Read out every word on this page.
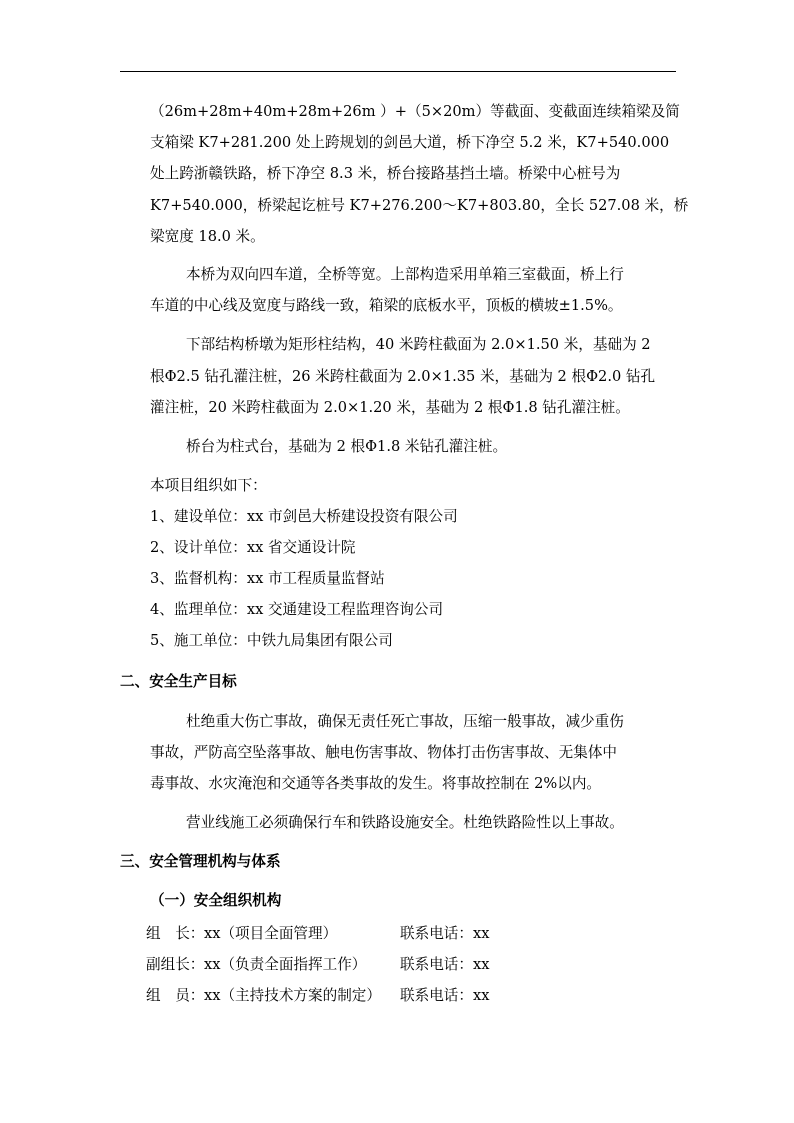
（26m+28m+40m+28m+26m ）+（5×20m）等截面、变截面连续箱梁及简
支箱梁 K7+281.200 处上跨规划的剑邑大道，桥下净空 5.2 米，K7+540.000
处上跨浙赣铁路，桥下净空 8.3 米，桥台接路基挡土墙。桥梁中心桩号为
K7+540.000，桥梁起讫桩号 K7+276.200～K7+803.80，全长 527.08 米，桥
梁宽度 18.0 米。
本桥为双向四车道，全桥等宽。上部构造采用单箱三室截面，桥上行
车道的中心线及宽度与路线一致，箱梁的底板水平，顶板的横坡±1.5%。
下部结构桥墩为矩形柱结构，40 米跨柱截面为 2.0×1.50 米，基础为 2
根Φ2.5 钻孔灌注桩，26 米跨柱截面为 2.0×1.35 米，基础为 2 根Φ2.0 钻孔
灌注桩，20 米跨柱截面为 2.0×1.20 米，基础为 2 根Φ1.8 钻孔灌注桩。
桥台为柱式台，基础为 2 根Φ1.8 米钻孔灌注桩。
本项目组织如下：
1、建设单位：xx 市剑邑大桥建设投资有限公司
2、设计单位：xx 省交通设计院
3、监督机构：xx 市工程质量监督站
4、监理单位：xx 交通建设工程监理咨询公司
5、施工单位：中铁九局集团有限公司
二、安全生产目标
杜绝重大伤亡事故，确保无责任死亡事故，压缩一般事故，减少重伤
事故，严防高空坠落事故、触电伤害事故、物体打击伤害事故、无集体中
毒事故、水灾淹泡和交通等各类事故的发生。将事故控制在 2%以内。
营业线施工必须确保行车和铁路设施安全。杜绝铁路险性以上事故。
三、安全管理机构与体系
（一）安全组织机构
组　长：xx（项目全面管理）	联系电话：xx
副组长：xx（负责全面指挥工作） 联系电话：xx
组　员：xx（主持技术方案的制定） 联系电话：xx
